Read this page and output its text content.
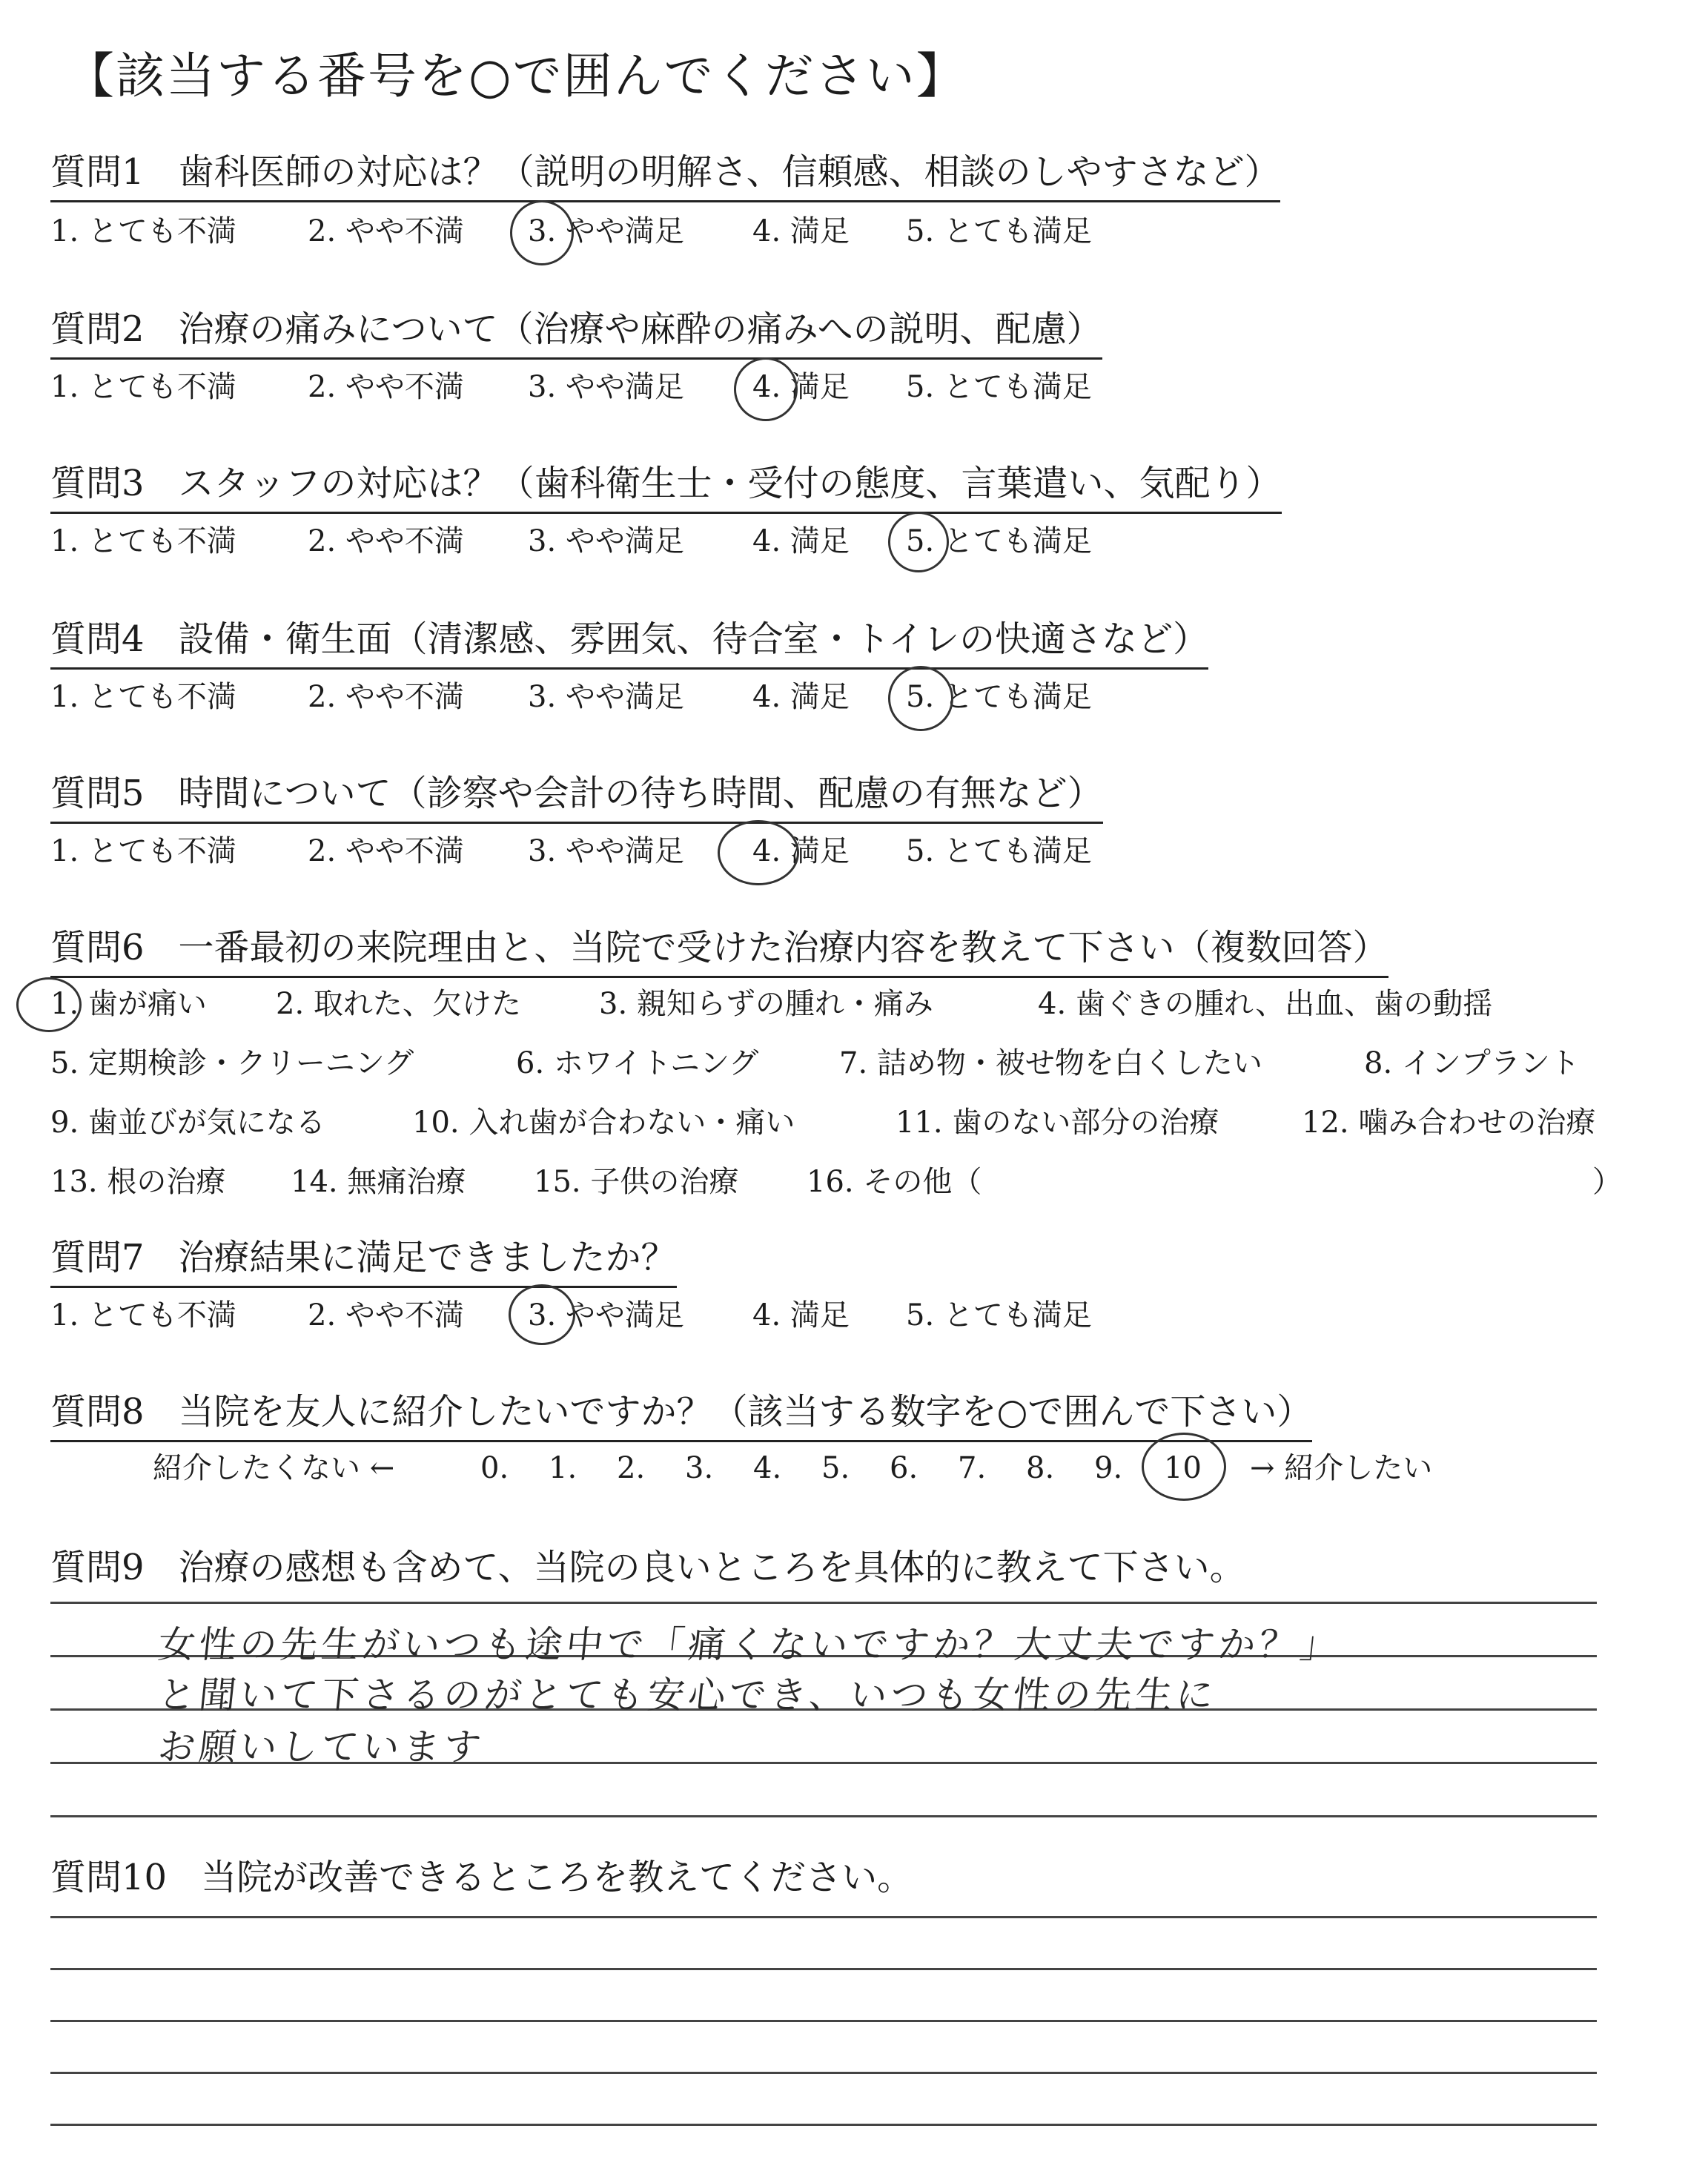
【該当する番号を○で囲んでください】
質問1 歯科医師の対応は？（説明の明解さ、信頼感、相談のしやすさなど）
1. とても不満 2. やや不満 3. やや満足 4. 満足 5. とても満足
質問2 治療の痛みについて（治療や麻酔の痛みへの説明、配慮）
1. とても不満 2. やや不満 3. やや満足 4. 満足 5. とても満足
質問3 スタッフの対応は？（歯科衛生士・受付の態度、言葉遣い、気配り）
1. とても不満 2. やや不満 3. やや満足 4. 満足 5. とても満足
質問4 設備・衛生面（清潔感、雰囲気、待合室・トイレの快適さなど）
1. とても不満 2. やや不満 3. やや満足 4. 満足 5. とても満足
質問5 時間について（診察や会計の待ち時間、配慮の有無など）
1. とても不満 2. やや不満 3. やや満足 4. 満足 5. とても満足
質問6 一番最初の来院理由と、当院で受けた治療内容を教えて下さい（複数回答）
1. 歯が痛い 2. 取れた、欠けた	3. 親知らずの腫れ・痛み	4. 歯ぐきの腫れ、出血、歯の動揺
5. 定期検診・クリーニング	6. ホワイトニング	7. 詰め物・被せ物を白くしたい	8. インプラント
9. 歯並びが気になる	10. 入れ歯が合わない・痛い	11. 歯のない部分の治療	12. 噛み合わせの治療
13. 根の治療 14. 無痛治療 15. 子供の治療 16. その他（	）
質問7 治療結果に満足できましたか？
1. とても不満 2. やや不満 3. やや満足 4. 満足 5. とても満足
質問8 当院を友人に紹介したいですか？（該当する数字を○で囲んで下さい）
紹介したくない ←	0. 1. 2. 3. 4. 5. 6. 7. 8. 9. 10 → 紹介したい
質問9 治療の感想も含めて、当院の良いところを具体的に教えて下さい。
女性の先生がいつも途中で「痛くないですか？大丈夫ですか？」
と聞いて下さるのがとても安心でき、いつも女性の先生に
お願いしています
質問10 当院が改善できるところを教えてください。
